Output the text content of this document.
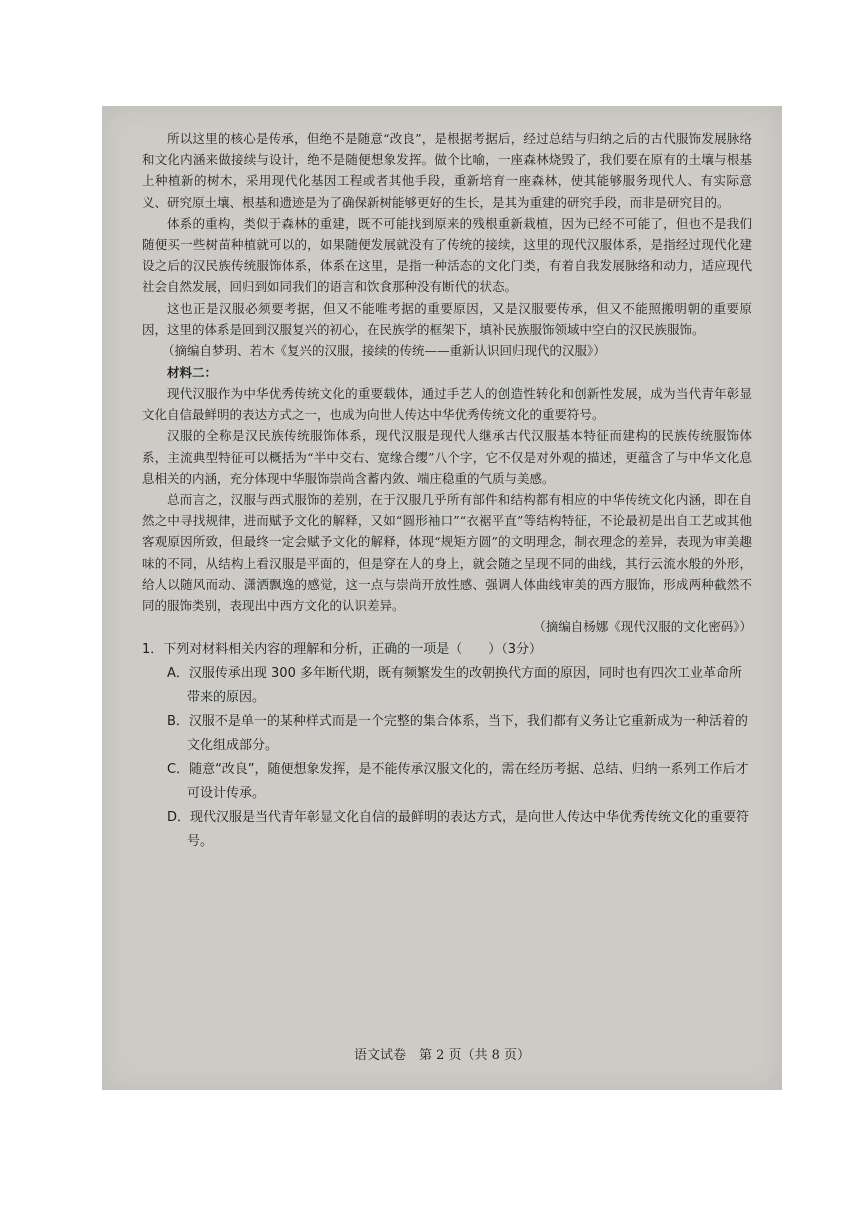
所以这里的核心是传承，但绝不是随意“改良”，是根据考据后，经过总结与归纳之后的古代服饰发展脉络和文化内涵来做接续与设计，绝不是随便想象发挥。做个比喻，一座森林烧毁了，我们要在原有的土壤与根基上种植新的树木，采用现代化基因工程或者其他手段，重新培育一座森林，使其能够服务现代人、有实际意义、研究原土壤、根基和遗迹是为了确保新树能够更好的生长，是其为重建的研究手段，而非是研究目的。

体系的重构，类似于森林的重建，既不可能找到原来的残根重新栽植，因为已经不可能了，但也不是我们随便买一些树苗种植就可以的，如果随便发展就没有了传统的接续，这里的现代汉服体系，是指经过现代化建设之后的汉民族传统服饰体系，体系在这里，是指一种活态的文化门类，有着自我发展脉络和动力，适应现代社会自然发展，回归到如同我们的语言和饮食那种没有断代的状态。

这也正是汉服必须要考据，但又不能唯考据的重要原因，又是汉服要传承，但又不能照搬明朝的重要原因，这里的体系是回到汉服复兴的初心，在民族学的框架下，填补民族服饰领域中空白的汉民族服饰。

（摘编自梦玥、若木《复兴的汉服，接续的传统——重新认识回归现代的汉服》）

材料二：

现代汉服作为中华优秀传统文化的重要载体，通过手艺人的创造性转化和创新性发展，成为当代青年彰显文化自信最鲜明的表达方式之一，也成为向世人传达中华优秀传统文化的重要符号。

汉服的全称是汉民族传统服饰体系，现代汉服是现代人继承古代汉服基本特征而建构的民族传统服饰体系，主流典型特征可以概括为“半中交右、宽缘合缨”八个字，它不仅是对外观的描述，更蕴含了与中华文化息息相关的内涵，充分体现中华服饰崇尚含蓄内敛、端庄稳重的气质与美感。

总而言之，汉服与西式服饰的差别，在于汉服几乎所有部件和结构都有相应的中华传统文化内涵，即在自然之中寻找规律，进而赋予文化的解释，又如“圆形袖口”“衣裾平直”等结构特征，不论最初是出自工艺或其他客观原因所致，但最终一定会赋予文化的解释，体现“规矩方圆”的文明理念，制衣理念的差异，表现为审美趣味的不同，从结构上看汉服是平面的，但是穿在人的身上，就会随之呈现不同的曲线，其行云流水般的外形，给人以随风而动、潇洒飘逸的感觉，这一点与崇尚开放性感、强调人体曲线审美的西方服饰，形成两种截然不同的服饰类别，表现出中西方文化的认识差异。

（摘编自杨娜《现代汉服的文化密码》）

1．下列对材料相关内容的理解和分析，正确的一项是（　　）（3分）

A．汉服传承出现 300 多年断代期，既有频繁发生的改朝换代方面的原因，同时也有四次工业革命所带来的原因。

B．汉服不是单一的某种样式而是一个完整的集合体系，当下，我们都有义务让它重新成为一种活着的文化组成部分。

C．随意“改良”，随便想象发挥，是不能传承汉服文化的，需在经历考据、总结、归纳一系列工作后才可设计传承。

D．现代汉服是当代青年彰显文化自信的最鲜明的表达方式，是向世人传达中华优秀传统文化的重要符号。

语文试卷　第 2 页（共 8 页）
